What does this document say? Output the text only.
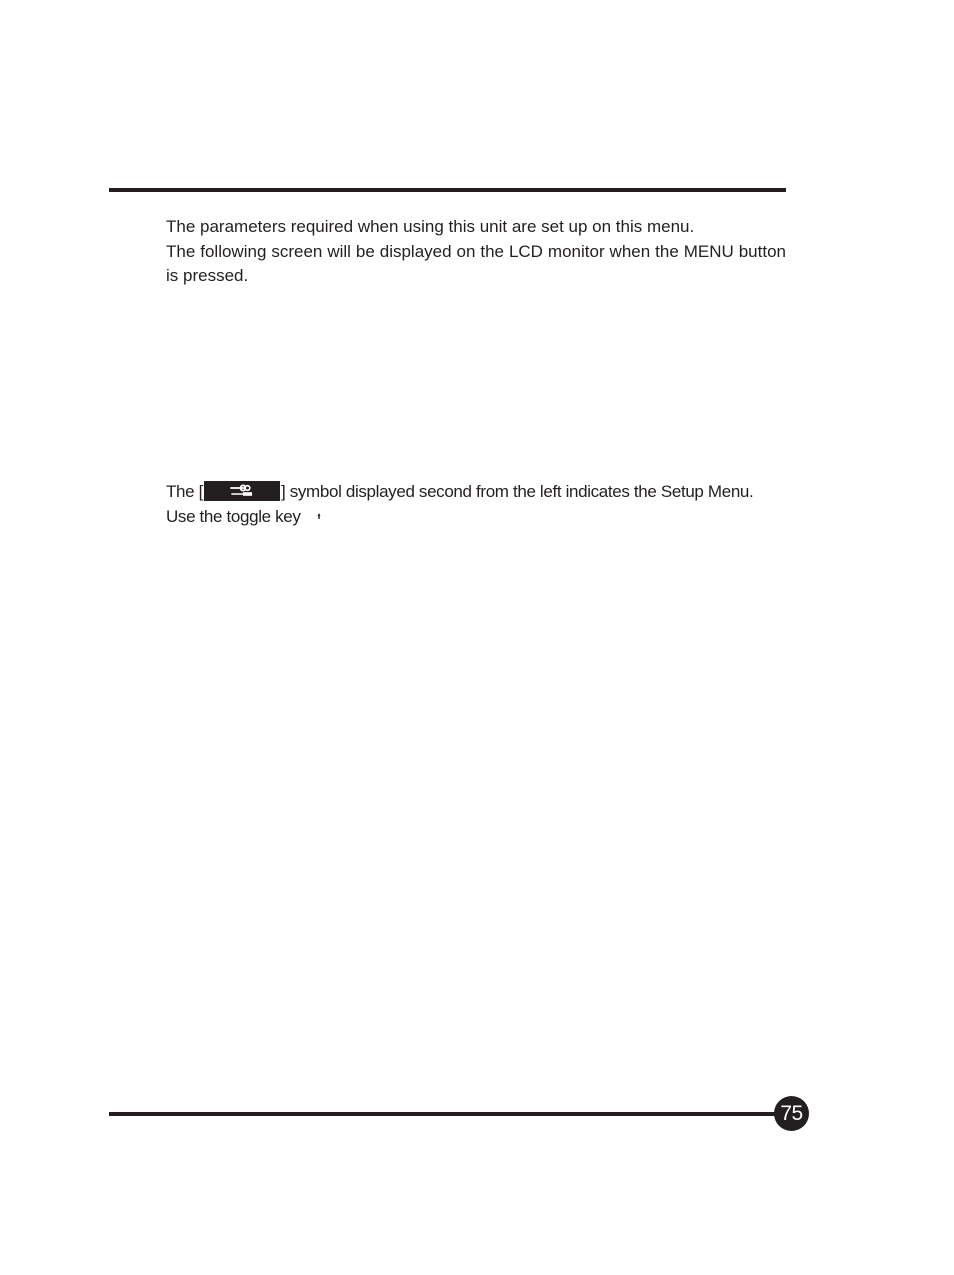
The parameters required when using this unit are set up on this menu.

The following screen will be displayed on the LCD monitor when the MENU button is pressed.

The [	] symbol displayed second from the left indicates the Setup Menu.
Use the toggle key
75
